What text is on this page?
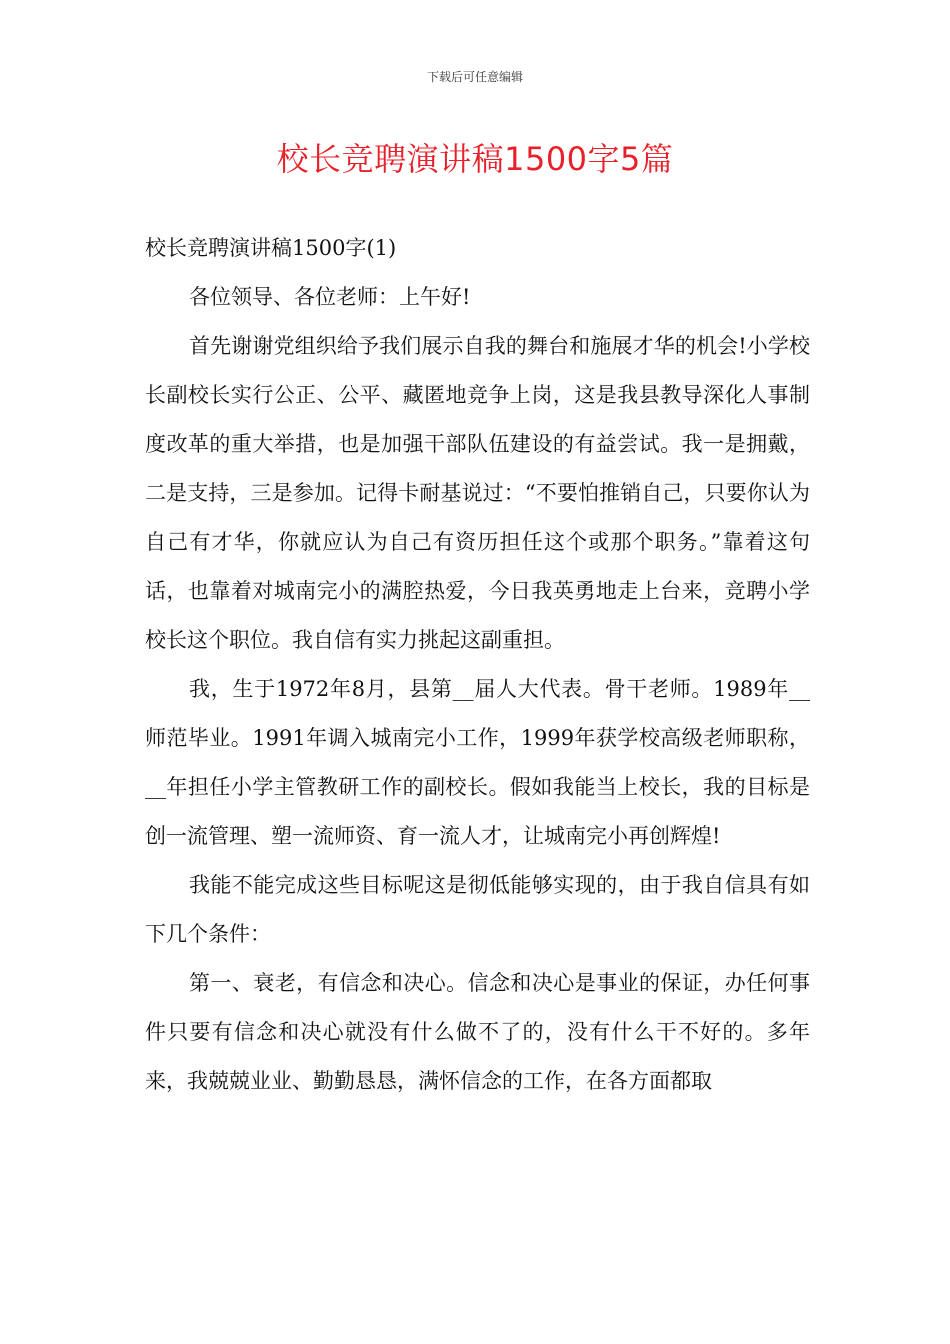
下载后可任意编辑
校长竞聘演讲稿1500字5篇

校长竞聘演讲稿1500字(1)

各位领导、各位老师：上午好!

首先谢谢党组织给予我们展示自我的舞台和施展才华的机会!小学校长副校长实行公正、公平、藏匿地竞争上岗，这是我县教导深化人事制度改革的重大举措，也是加强干部队伍建设的有益尝试。我一是拥戴，二是支持，三是参加。记得卡耐基说过：“不要怕推销自己，只要你认为自己有才华，你就应认为自己有资历担任这个或那个职务。”靠着这句话，也靠着对城南完小的满腔热爱，今日我英勇地走上台来，竞聘小学校长这个职位。我自信有实力挑起这副重担。

我，生于1972年8月，县第__届人大代表。骨干老师。1989年__师范毕业。1991年调入城南完小工作，1999年获学校高级老师职称，__年担任小学主管教研工作的副校长。假如我能当上校长，我的目标是创一流管理、塑一流师资、育一流人才，让城南完小再创辉煌!

我能不能完成这些目标呢这是彻低能够实现的，由于我自信具有如下几个条件：

第一、衰老，有信念和决心。信念和决心是事业的保证，办任何事件只要有信念和决心就没有什么做不了的，没有什么干不好的。多年来，我兢兢业业、勤勤恳恳，满怀信念的工作，在各方面都取
